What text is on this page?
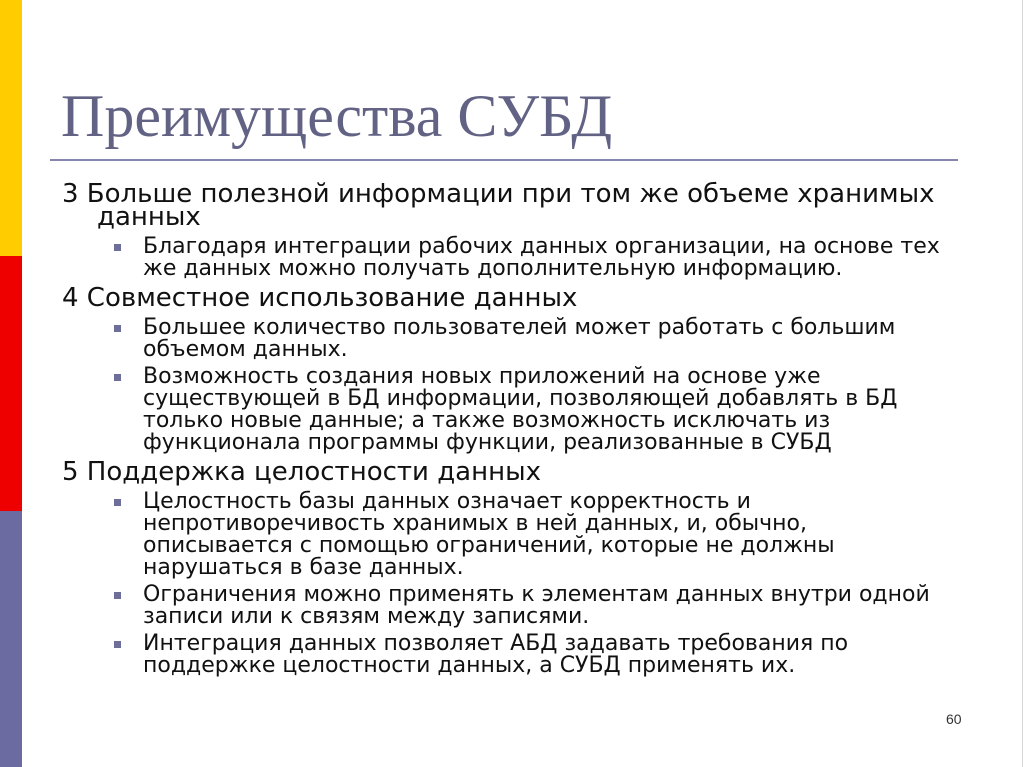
Преимущества СУБД
3 Больше полезной информации при том же объеме хранимых
данных
Благодаря интеграции рабочих данных организации, на основе тех
же данных можно получать дополнительную информацию.
4 Совместное использование данных
Большее количество пользователей может работать с большим
объемом данных.
Возможность создания новых приложений на основе уже
существующей в БД информации, позволяющей добавлять в БД
только новые данные; а также возможность исключать из
функционала программы функции, реализованные в СУБД
5 Поддержка целостности данных
Целостность базы данных означает корректность и
непротиворечивость хранимых в ней данных, и, обычно,
описывается с помощью ограничений, которые не должны
нарушаться в базе данных.
Ограничения можно применять к элементам данных внутри одной
записи или к связям между записями.
Интеграция данных позволяет АБД задавать требования по
поддержке целостности данных, а СУБД применять их.
60
